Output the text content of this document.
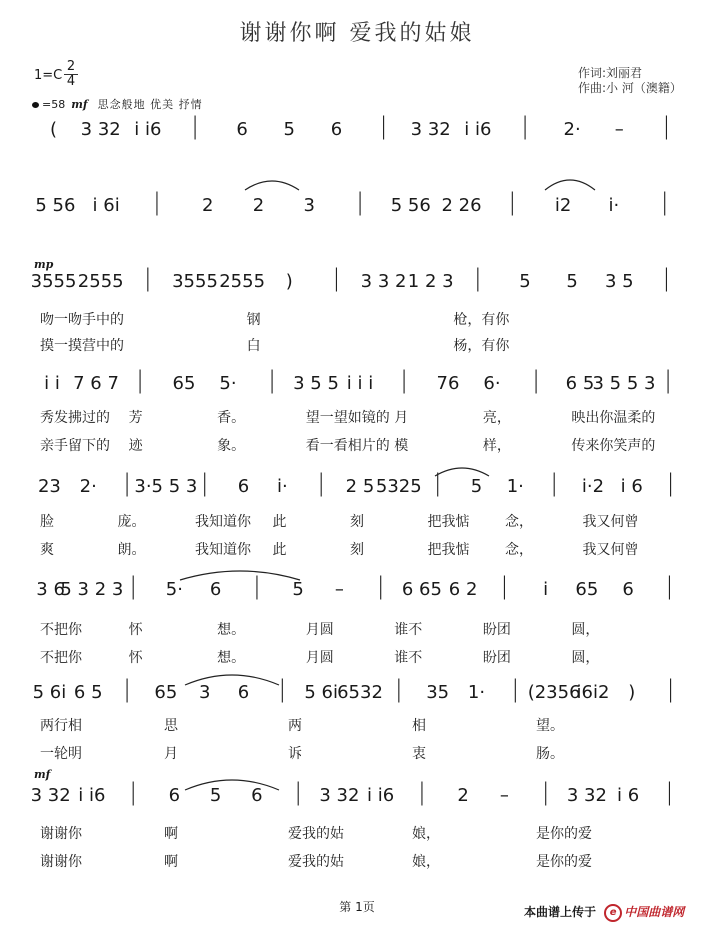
谢谢你啊 爱我的姑娘
作词:刘丽君
作曲:小 河（澳籍）
1=C
2
4
=58 mf 思念般地 优美 抒情
mp
mf
( 3 32 i i6 | 6 5 6 | 3 32 i i6 | 2· – |
5 56 i 6i | 2 2 3 | 5 56 2 26 | i2 i· |
3555 2555 | 3555 2555 ) | 3 3 2 1 2 3 | 5 5 3 5 |
吻一吻手中的	钢	枪，有你
摸一摸营中的	白	杨，有你
i i 7 6 7 | 65 5· | 3 5 5 i i i | 76 6· | 6 5
3 5 5 3 |
秀发拂过的 芳	香。	望一望如镜的 月	亮，	映出你温柔的
亲手留下的 迹	象。	看一看相片的 模	样，	传来你笑声的
23 2· | 3·5 5 3 | 6 i· | 2 5 5325 | 5 1· | i·2 i 6 |
脸	庞。	我知道你 此	刻	把我惦	念，	我又何曾
爽	朗。	我知道你 此	刻	把我惦	念，	我又何曾
3 6
5 3 2 3 | 5· 6 | 5 – | 6 65 6 2 | i 65 6 |
不把你	怀	想。	月圆	谁不	盼团	圆，
不把你	怀	想。	月圆	谁不	盼团	圆，
5 6i 6 5 | 65 3 6 | 5 6i 6532 | 35 1· | (2356
i6i2 ) |
两行相	思	两	相	望。
一轮明	月	诉	衷	肠。
3 32 i i6 | 6 5 6 | 3 32 i i6 | 2 – | 3 32 i 6 |
谢谢你	啊	爱我的姑	娘，	是你的爱
谢谢你	啊	爱我的姑	娘，	是你的爱
第 1页	本曲谱上传于 e 中国曲谱网
